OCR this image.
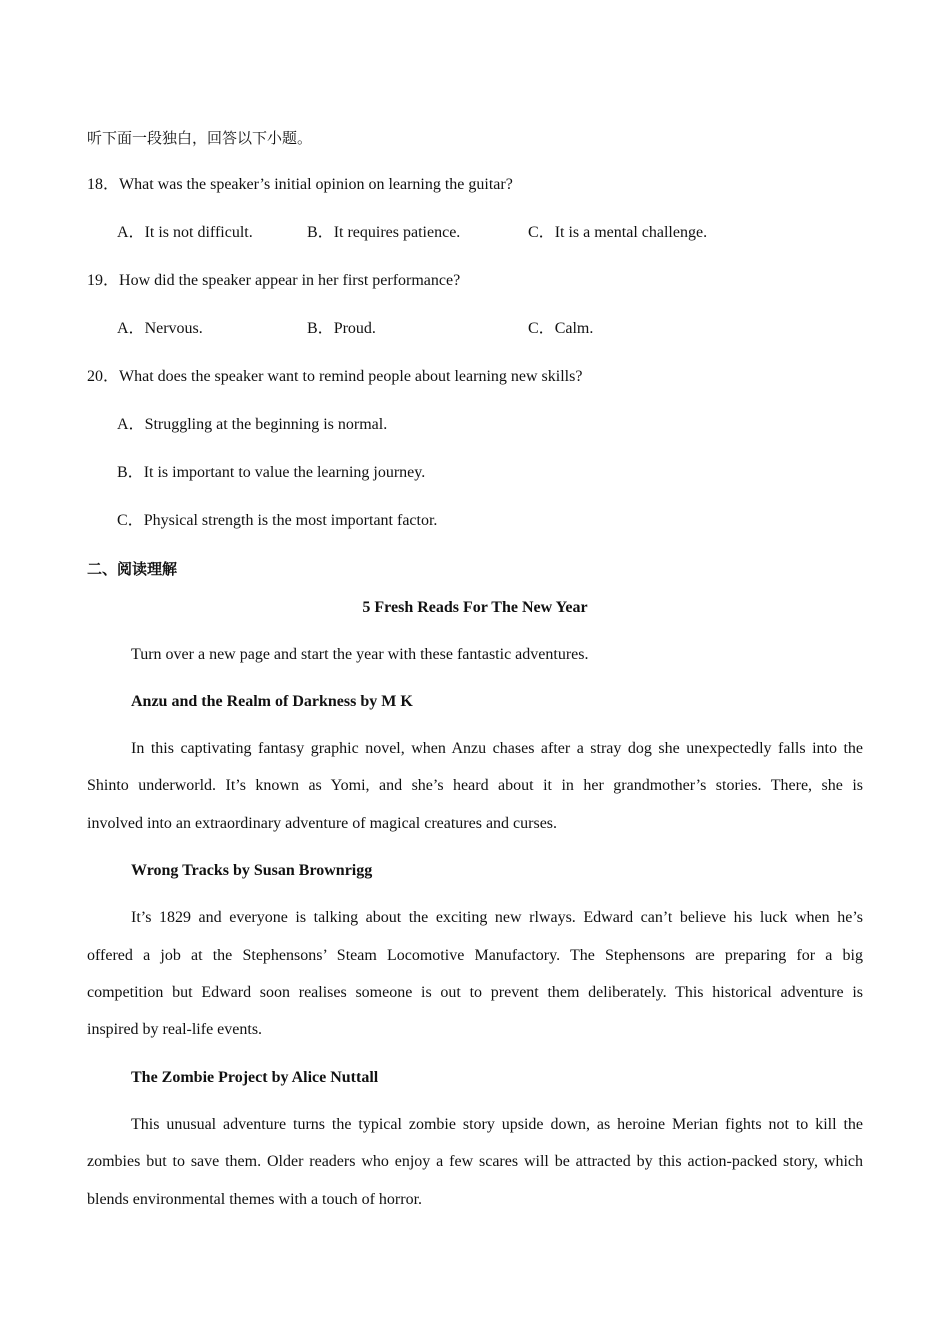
听下面一段独白，回答以下小题。
18．What was the speaker’s initial opinion on learning the guitar?
A．It is not difficult.	B．It requires patience.	C．It is a mental challenge.
19．How did the speaker appear in her first performance?
A．Nervous.	B．Proud.	C．Calm.
20．What does the speaker want to remind people about learning new skills?
A．Struggling at the beginning is normal.
B．It is important to value the learning journey.
C．Physical strength is the most important factor.
二、阅读理解
5 Fresh Reads For The New Year
Turn over a new page and start the year with these fantastic adventures.
Anzu and the Realm of Darkness by M K
In this captivating fantasy graphic novel, when Anzu chases after a stray dog she unexpectedly falls into the
Shinto underworld. It’s known as Yomi, and she’s heard about it in her grandmother’s stories. There, she is
involved into an extraordinary adventure of magical creatures and curses.
Wrong Tracks by Susan Brownrigg
It’s 1829 and everyone is talking about the exciting new rlways. Edward can’t believe his luck when he’s
offered a job at the Stephensons’ Steam Locomotive Manufactory. The Stephensons are preparing for a big
competition but Edward soon realises someone is out to prevent them deliberately. This historical adventure is
inspired by real-life events.
The Zombie Project by Alice Nuttall
This unusual adventure turns the typical zombie story upside down, as heroine Merian fights not to kill the
zombies but to save them. Older readers who enjoy a few scares will be attracted by this action-packed story, which
blends environmental themes with a touch of horror.
